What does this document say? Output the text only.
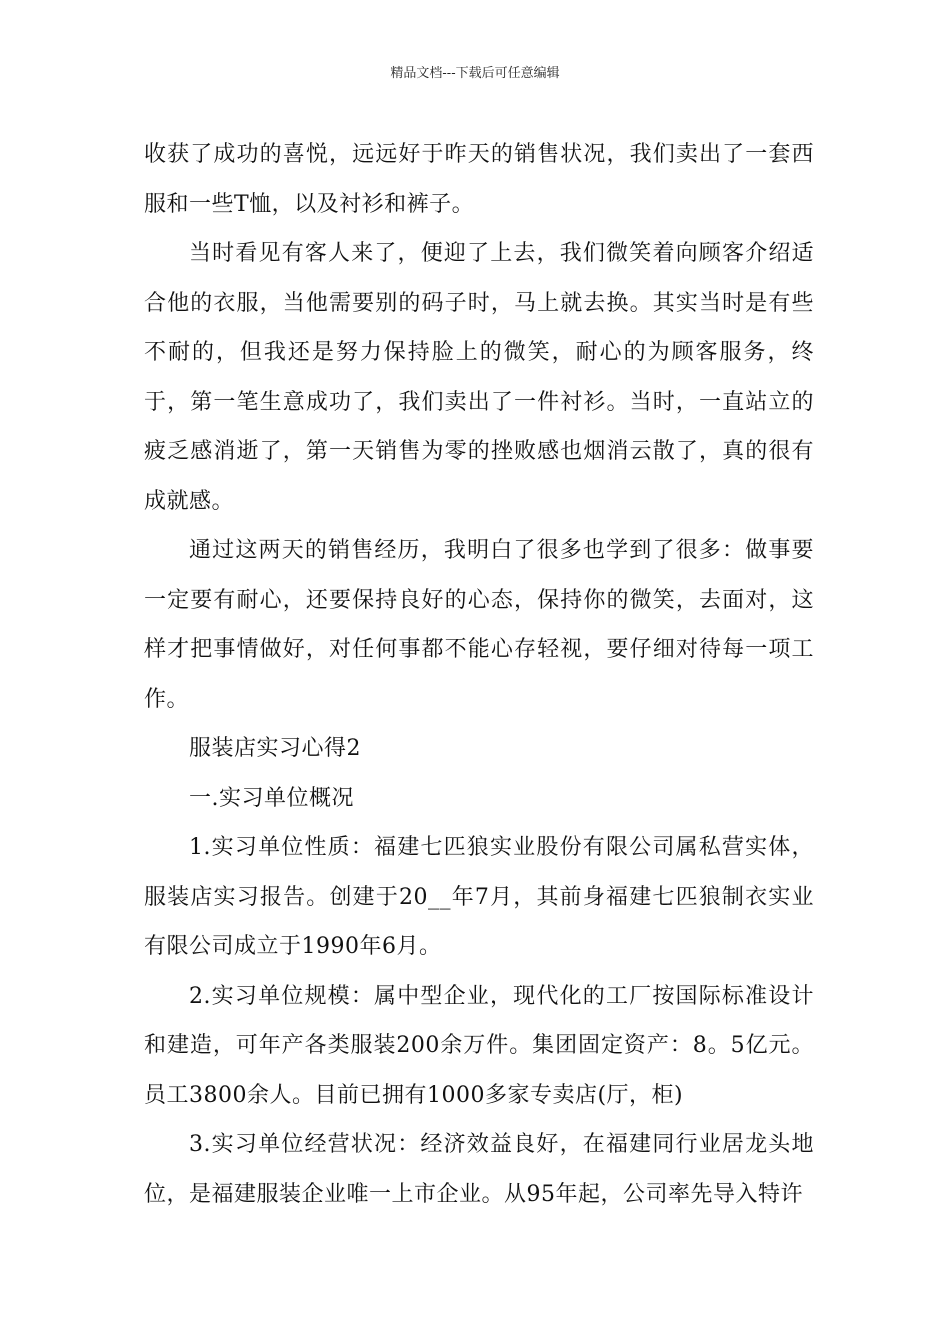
精品文档---下载后可任意编辑

收获了成功的喜悦，远远好于昨天的销售状况，我们卖出了一套西服和一些T恤，以及衬衫和裤子。

当时看见有客人来了，便迎了上去，我们微笑着向顾客介绍适合他的衣服，当他需要别的码子时，马上就去换。其实当时是有些不耐的，但我还是努力保持脸上的微笑，耐心的为顾客服务，终于，第一笔生意成功了，我们卖出了一件衬衫。当时，一直站立的疲乏感消逝了，第一天销售为零的挫败感也烟消云散了，真的很有成就感。

通过这两天的销售经历，我明白了很多也学到了很多：做事要一定要有耐心，还要保持良好的心态，保持你的微笑，去面对，这样才把事情做好，对任何事都不能心存轻视，要仔细对待每一项工作。

服装店实习心得2

一.实习单位概况

1.实习单位性质：福建七匹狼实业股份有限公司属私营实体，服装店实习报告。创建于20__年7月，其前身福建七匹狼制衣实业有限公司成立于1990年6月。

2.实习单位规模：属中型企业，现代化的工厂按国际标准设计和建造，可年产各类服装200余万件。集团固定资产：8。5亿元。员工3800余人。目前已拥有1000多家专卖店(厅，柜)

3.实习单位经营状况：经济效益良好，在福建同行业居龙头地位，是福建服装企业唯一上市企业。从95年起，公司率先导入特许
